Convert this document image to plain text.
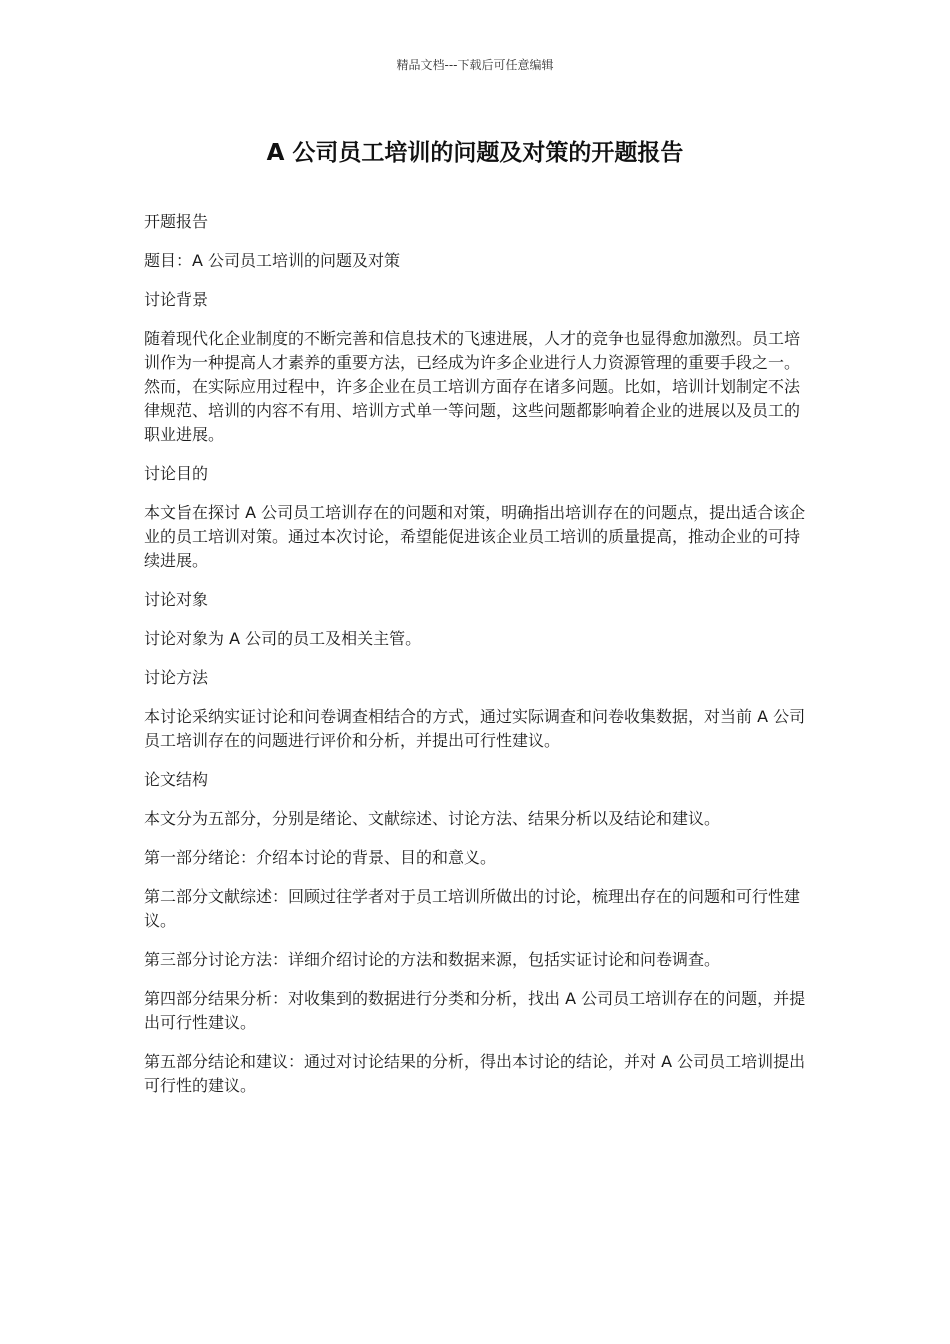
精品文档---下载后可任意编辑
A 公司员工培训的问题及对策的开题报告

开题报告

题目：A 公司员工培训的问题及对策

讨论背景

随着现代化企业制度的不断完善和信息技术的飞速进展，人才的竞争也显得愈加激烈。员工培训作为一种提高人才素养的重要方法，已经成为许多企业进行人力资源管理的重要手段之一。然而，在实际应用过程中，许多企业在员工培训方面存在诸多问题。比如，培训计划制定不法律规范、培训的内容不有用、培训方式单一等问题，这些问题都影响着企业的进展以及员工的职业进展。

讨论目的

本文旨在探讨 A 公司员工培训存在的问题和对策，明确指出培训存在的问题点，提出适合该企业的员工培训对策。通过本次讨论，希望能促进该企业员工培训的质量提高，推动企业的可持续进展。

讨论对象

讨论对象为 A 公司的员工及相关主管。

讨论方法

本讨论采纳实证讨论和问卷调查相结合的方式，通过实际调查和问卷收集数据，对当前 A 公司员工培训存在的问题进行评价和分析，并提出可行性建议。

论文结构

本文分为五部分，分别是绪论、文献综述、讨论方法、结果分析以及结论和建议。

第一部分绪论：介绍本讨论的背景、目的和意义。

第二部分文献综述：回顾过往学者对于员工培训所做出的讨论，梳理出存在的问题和可行性建议。

第三部分讨论方法：详细介绍讨论的方法和数据来源，包括实证讨论和问卷调查。

第四部分结果分析：对收集到的数据进行分类和分析，找出 A 公司员工培训存在的问题，并提出可行性建议。

第五部分结论和建议：通过对讨论结果的分析，得出本讨论的结论，并对 A 公司员工培训提出可行性的建议。
